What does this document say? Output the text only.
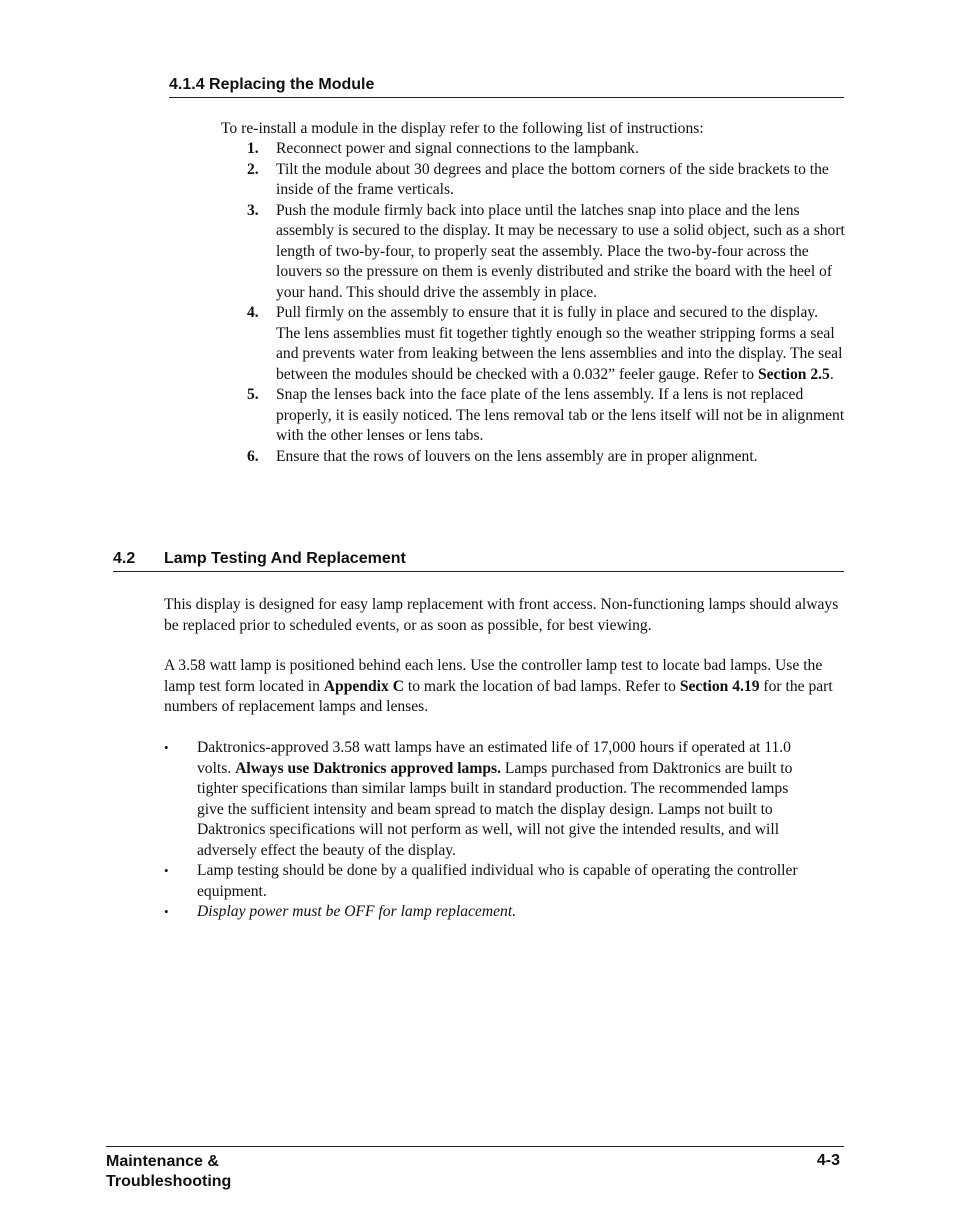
4.1.4 Replacing the Module
To re-install a module in the display refer to the following list of instructions:
1. Reconnect power and signal connections to the lampbank.
2. Tilt the module about 30 degrees and place the bottom corners of the side brackets to the inside of the frame verticals.
3. Push the module firmly back into place until the latches snap into place and the lens assembly is secured to the display. It may be necessary to use a solid object, such as a short length of two-by-four, to properly seat the assembly. Place the two-by-four across the louvers so the pressure on them is evenly distributed and strike the board with the heel of your hand. This should drive the assembly in place.
4. Pull firmly on the assembly to ensure that it is fully in place and secured to the display. The lens assemblies must fit together tightly enough so the weather stripping forms a seal and prevents water from leaking between the lens assemblies and into the display. The seal between the modules should be checked with a 0.032” feeler gauge. Refer to Section 2.5.
5. Snap the lenses back into the face plate of the lens assembly. If a lens is not replaced properly, it is easily noticed. The lens removal tab or the lens itself will not be in alignment with the other lenses or lens tabs.
6. Ensure that the rows of louvers on the lens assembly are in proper alignment.
4.2 Lamp Testing And Replacement

This display is designed for easy lamp replacement with front access. Non-functioning lamps should always be replaced prior to scheduled events, or as soon as possible, for best viewing.

A 3.58 watt lamp is positioned behind each lens. Use the controller lamp test to locate bad lamps. Use the lamp test form located in Appendix C to mark the location of bad lamps. Refer to Section 4.19 for the part numbers of replacement lamps and lenses.

• Daktronics-approved 3.58 watt lamps have an estimated life of 17,000 hours if operated at 11.0 volts. Always use Daktronics approved lamps. Lamps purchased from Daktronics are built to tighter specifications than similar lamps built in standard production. The recommended lamps give the sufficient intensity and beam spread to match the display design. Lamps not built to Daktronics specifications will not perform as well, will not give the intended results, and will adversely effect the beauty of the display.
• Lamp testing should be done by a qualified individual who is capable of operating the controller equipment.
• Display power must be OFF for lamp replacement.
Maintenance &
Troubleshooting
4-3
